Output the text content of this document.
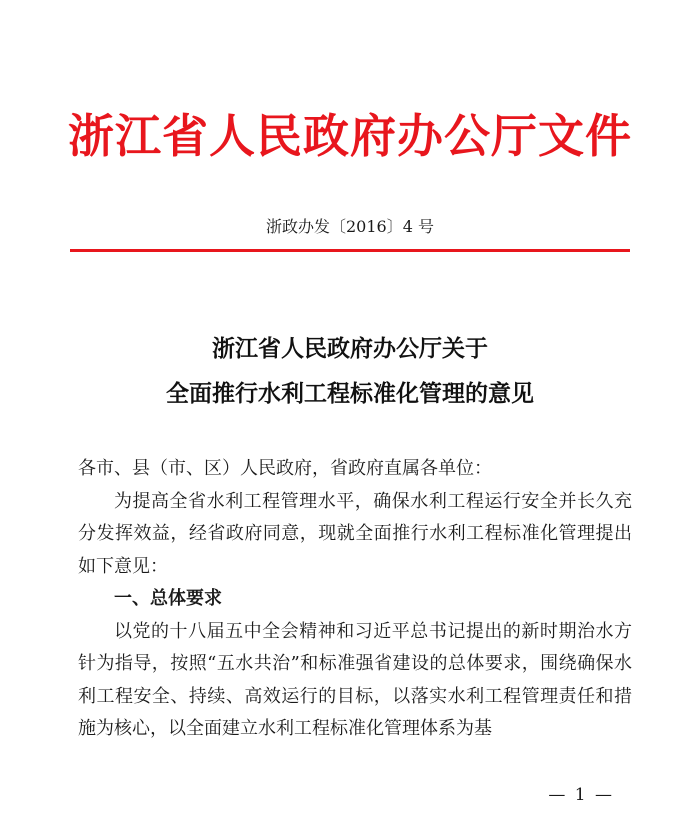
浙江省人民政府办公厅文件
浙政办发〔2016〕4 号
浙江省人民政府办公厅关于
全面推行水利工程标准化管理的意见

各市、县（市、区）人民政府，省政府直属各单位：

为提高全省水利工程管理水平，确保水利工程运行安全并长久充分发挥效益，经省政府同意，现就全面推行水利工程标准化管理提出如下意见：

一、总体要求

以党的十八届五中全会精神和习近平总书记提出的新时期治水方针为指导，按照“五水共治”和标准强省建设的总体要求，围绕确保水利工程安全、持续、高效运行的目标，以落实水利工程管理责任和措施为核心，以全面建立水利工程标准化管理体系为基

— 1 —
